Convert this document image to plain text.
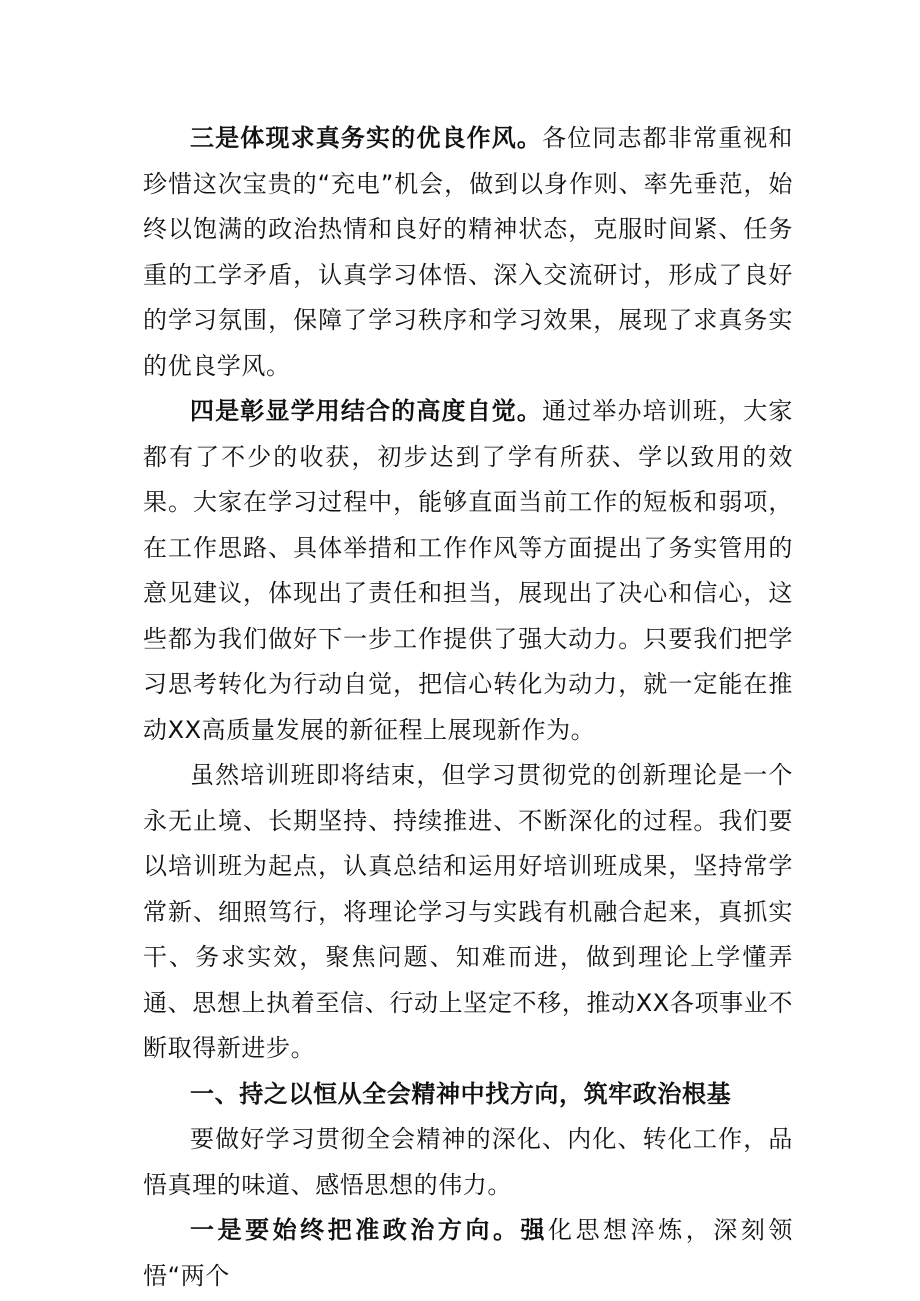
三是体现求真务实的优良作风。各位同志都非常重视和珍惜这次宝贵的“充电”机会，做到以身作则、率先垂范，始终以饱满的政治热情和良好的精神状态，克服时间紧、任务重的工学矛盾，认真学习体悟、深入交流研讨，形成了良好的学习氛围，保障了学习秩序和学习效果，展现了求真务实的优良学风。

四是彰显学用结合的高度自觉。通过举办培训班，大家都有了不少的收获，初步达到了学有所获、学以致用的效果。大家在学习过程中，能够直面当前工作的短板和弱项，在工作思路、具体举措和工作作风等方面提出了务实管用的意见建议，体现出了责任和担当，展现出了决心和信心，这些都为我们做好下一步工作提供了强大动力。只要我们把学习思考转化为行动自觉，把信心转化为动力，就一定能在推动XX高质量发展的新征程上展现新作为。

虽然培训班即将结束，但学习贯彻党的创新理论是一个永无止境、长期坚持、持续推进、不断深化的过程。我们要以培训班为起点，认真总结和运用好培训班成果，坚持常学常新、细照笃行，将理论学习与实践有机融合起来，真抓实干、务求实效，聚焦问题、知难而进，做到理论上学懂弄通、思想上执着至信、行动上坚定不移，推动XX各项事业不断取得新进步。

一、持之以恒从全会精神中找方向，筑牢政治根基

要做好学习贯彻全会精神的深化、内化、转化工作，品悟真理的味道、感悟思想的伟力。

一是要始终把准政治方向。强化思想淬炼，深刻领悟“两个
